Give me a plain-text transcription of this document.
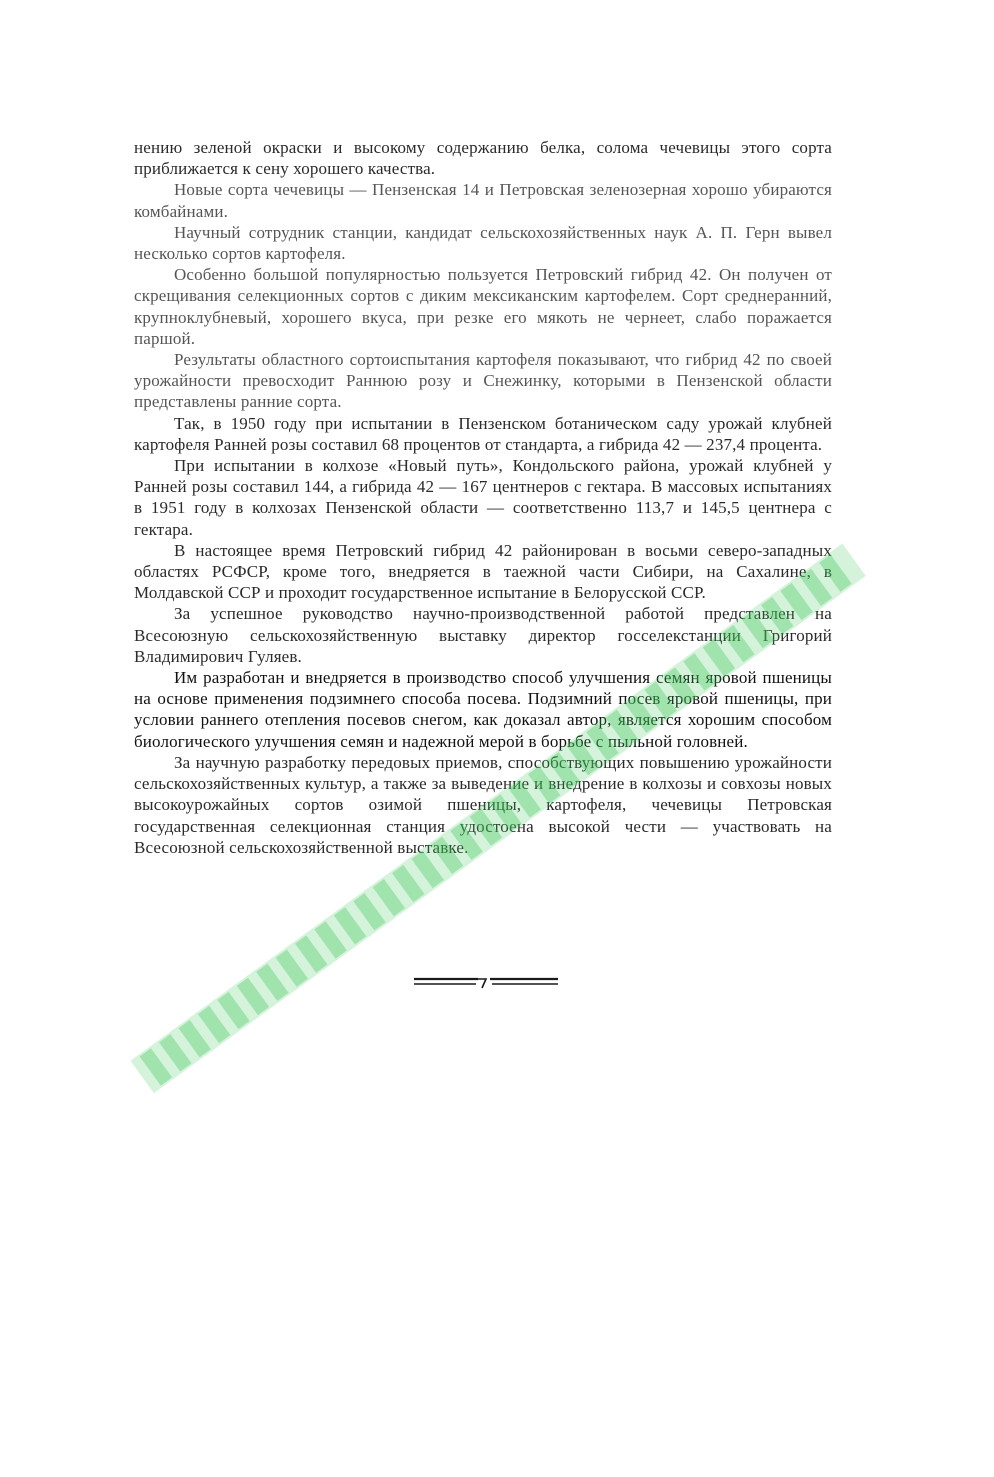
нению зеленой окраски и высокому содержанию белка, солома чечевицы этого сорта приближается к сену хорошего качества.

Новые сорта чечевицы — Пензенская 14 и Петровская зеленозерная хорошо убираются комбайнами.

Научный сотрудник станции, кандидат сельскохозяйственных наук А. П. Герн вывел несколько сортов картофеля.

Особенно большой популярностью пользуется Петровский гибрид 42. Он получен от скрещивания селекционных сортов с диким мексиканским картофелем. Сорт среднеранний, крупноклубневый, хорошего вкуса, при резке его мякоть не чернеет, слабо поражается паршой.

Результаты областного сортоиспытания картофеля показывают, что гибрид 42 по своей урожайности превосходит Раннюю розу и Снежинку, которыми в Пензенской области представлены ранние сорта.

Так, в 1950 году при испытании в Пензенском ботаническом саду урожай клубней картофеля Ранней розы составил 68 процентов от стандарта, а гибрида 42 — 237,4 процента.

При испытании в колхозе «Новый путь», Кондольского района, урожай клубней у Ранней розы составил 144, а гибрида 42 — 167 центнеров с гектара. В массовых испытаниях в 1951 году в колхозах Пензенской области — соответственно 113,7 и 145,5 центнера с гектара.

В настоящее время Петровский гибрид 42 районирован в восьми северо-западных областях РСФСР, кроме того, внедряется в таежной части Сибири, на Сахалине, в Молдавской ССР и проходит государственное испытание в Белорусской ССР.

За успешное руководство научно-производственной работой представлен на Всесоюзную сельскохозяйственную выставку директор госселекстанции Григорий Владимирович Гуляев.

Им разработан и внедряется в производство способ улучшения семян яровой пшеницы на основе применения подзимнего способа посева. Подзимний посев яровой пшеницы, при условии раннего отепления посевов снегом, как доказал автор, является хорошим способом биологического улучшения семян и надежной мерой в борьбе с пыльной головней.

За научную разработку передовых приемов, способствующих повышению урожайности сельскохозяйственных культур, а также за выведение и внедрение в колхозы и совхозы новых высокоурожайных сортов озимой пшеницы, картофеля, чечевицы Петровская государственная селекционная станция удостоена высокой чести — участвовать на Всесоюзной сельскохозяйственной выставке.
